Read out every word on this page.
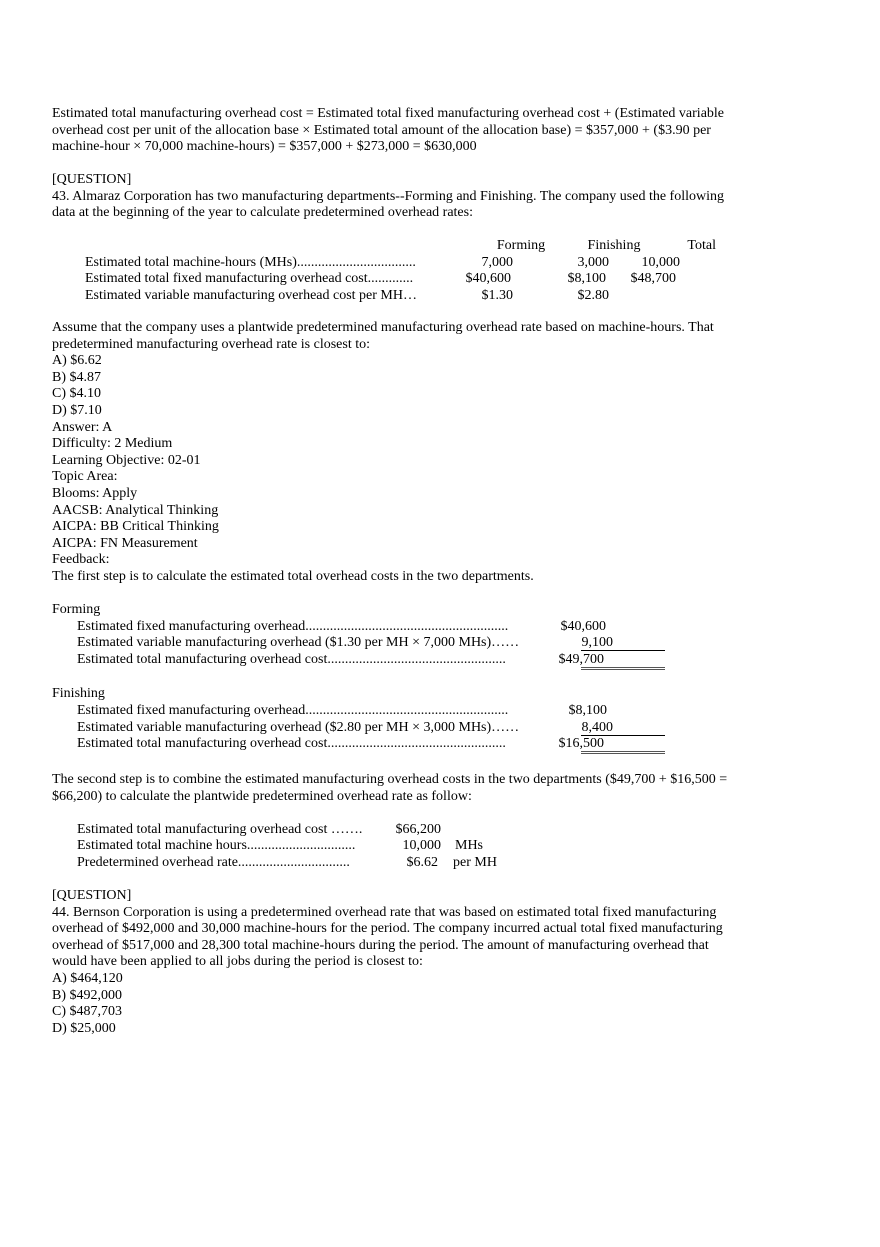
Estimated total manufacturing overhead cost = Estimated total fixed manufacturing overhead cost + (Estimated variable
overhead cost per unit of the allocation base × Estimated total amount of the allocation base) = $357,000 + ($3.90 per
machine-hour × 70,000 machine-hours) = $357,000 + $273,000 = $630,000
[QUESTION]
43. Almaraz Corporation has two manufacturing departments--Forming and Finishing. The company used the following
data at the beginning of the year to calculate predetermined overhead rates:
Forming	Finishing	Total
Estimated total machine-hours (MHs)..................................	7,000	3,000	10,000
Estimated total fixed manufacturing overhead cost.............	$40,600	$8,100	$48,700
Estimated variable manufacturing overhead cost per MH…	$1.30	$2.80
Assume that the company uses a plantwide predetermined manufacturing overhead rate based on machine-hours. That
predetermined manufacturing overhead rate is closest to:
A) $6.62
B) $4.87
C) $4.10
D) $7.10
Answer: A
Difficulty: 2 Medium
Learning Objective: 02-01
Topic Area:
Blooms: Apply
AACSB: Analytical Thinking
AICPA: BB Critical Thinking
AICPA: FN Measurement
Feedback:
The first step is to calculate the estimated total overhead costs in the two departments.
Forming
Estimated fixed manufacturing overhead..........................................................	$40,600
Estimated variable manufacturing overhead ($1.30 per MH × 7,000 MHs)……	9,100
Estimated total manufacturing overhead cost...................................................	$49,700
Finishing
Estimated fixed manufacturing overhead..........................................................	$8,100
Estimated variable manufacturing overhead ($2.80 per MH × 3,000 MHs)……	8,400
Estimated total manufacturing overhead cost...................................................	$16,500
The second step is to combine the estimated manufacturing overhead costs in the two departments ($49,700 + $16,500 =
$66,200) to calculate the plantwide predetermined overhead rate as follow:
Estimated total manufacturing overhead cost …….	$66,200
Estimated total machine hours...............................	10,000 MHs
Predetermined overhead rate................................	$6.62 per MH
[QUESTION]
44. Bernson Corporation is using a predetermined overhead rate that was based on estimated total fixed manufacturing
overhead of $492,000 and 30,000 machine-hours for the period. The company incurred actual total fixed manufacturing
overhead of $517,000 and 28,300 total machine-hours during the period. The amount of manufacturing overhead that
would have been applied to all jobs during the period is closest to:
A) $464,120
B) $492,000
C) $487,703
D) $25,000
